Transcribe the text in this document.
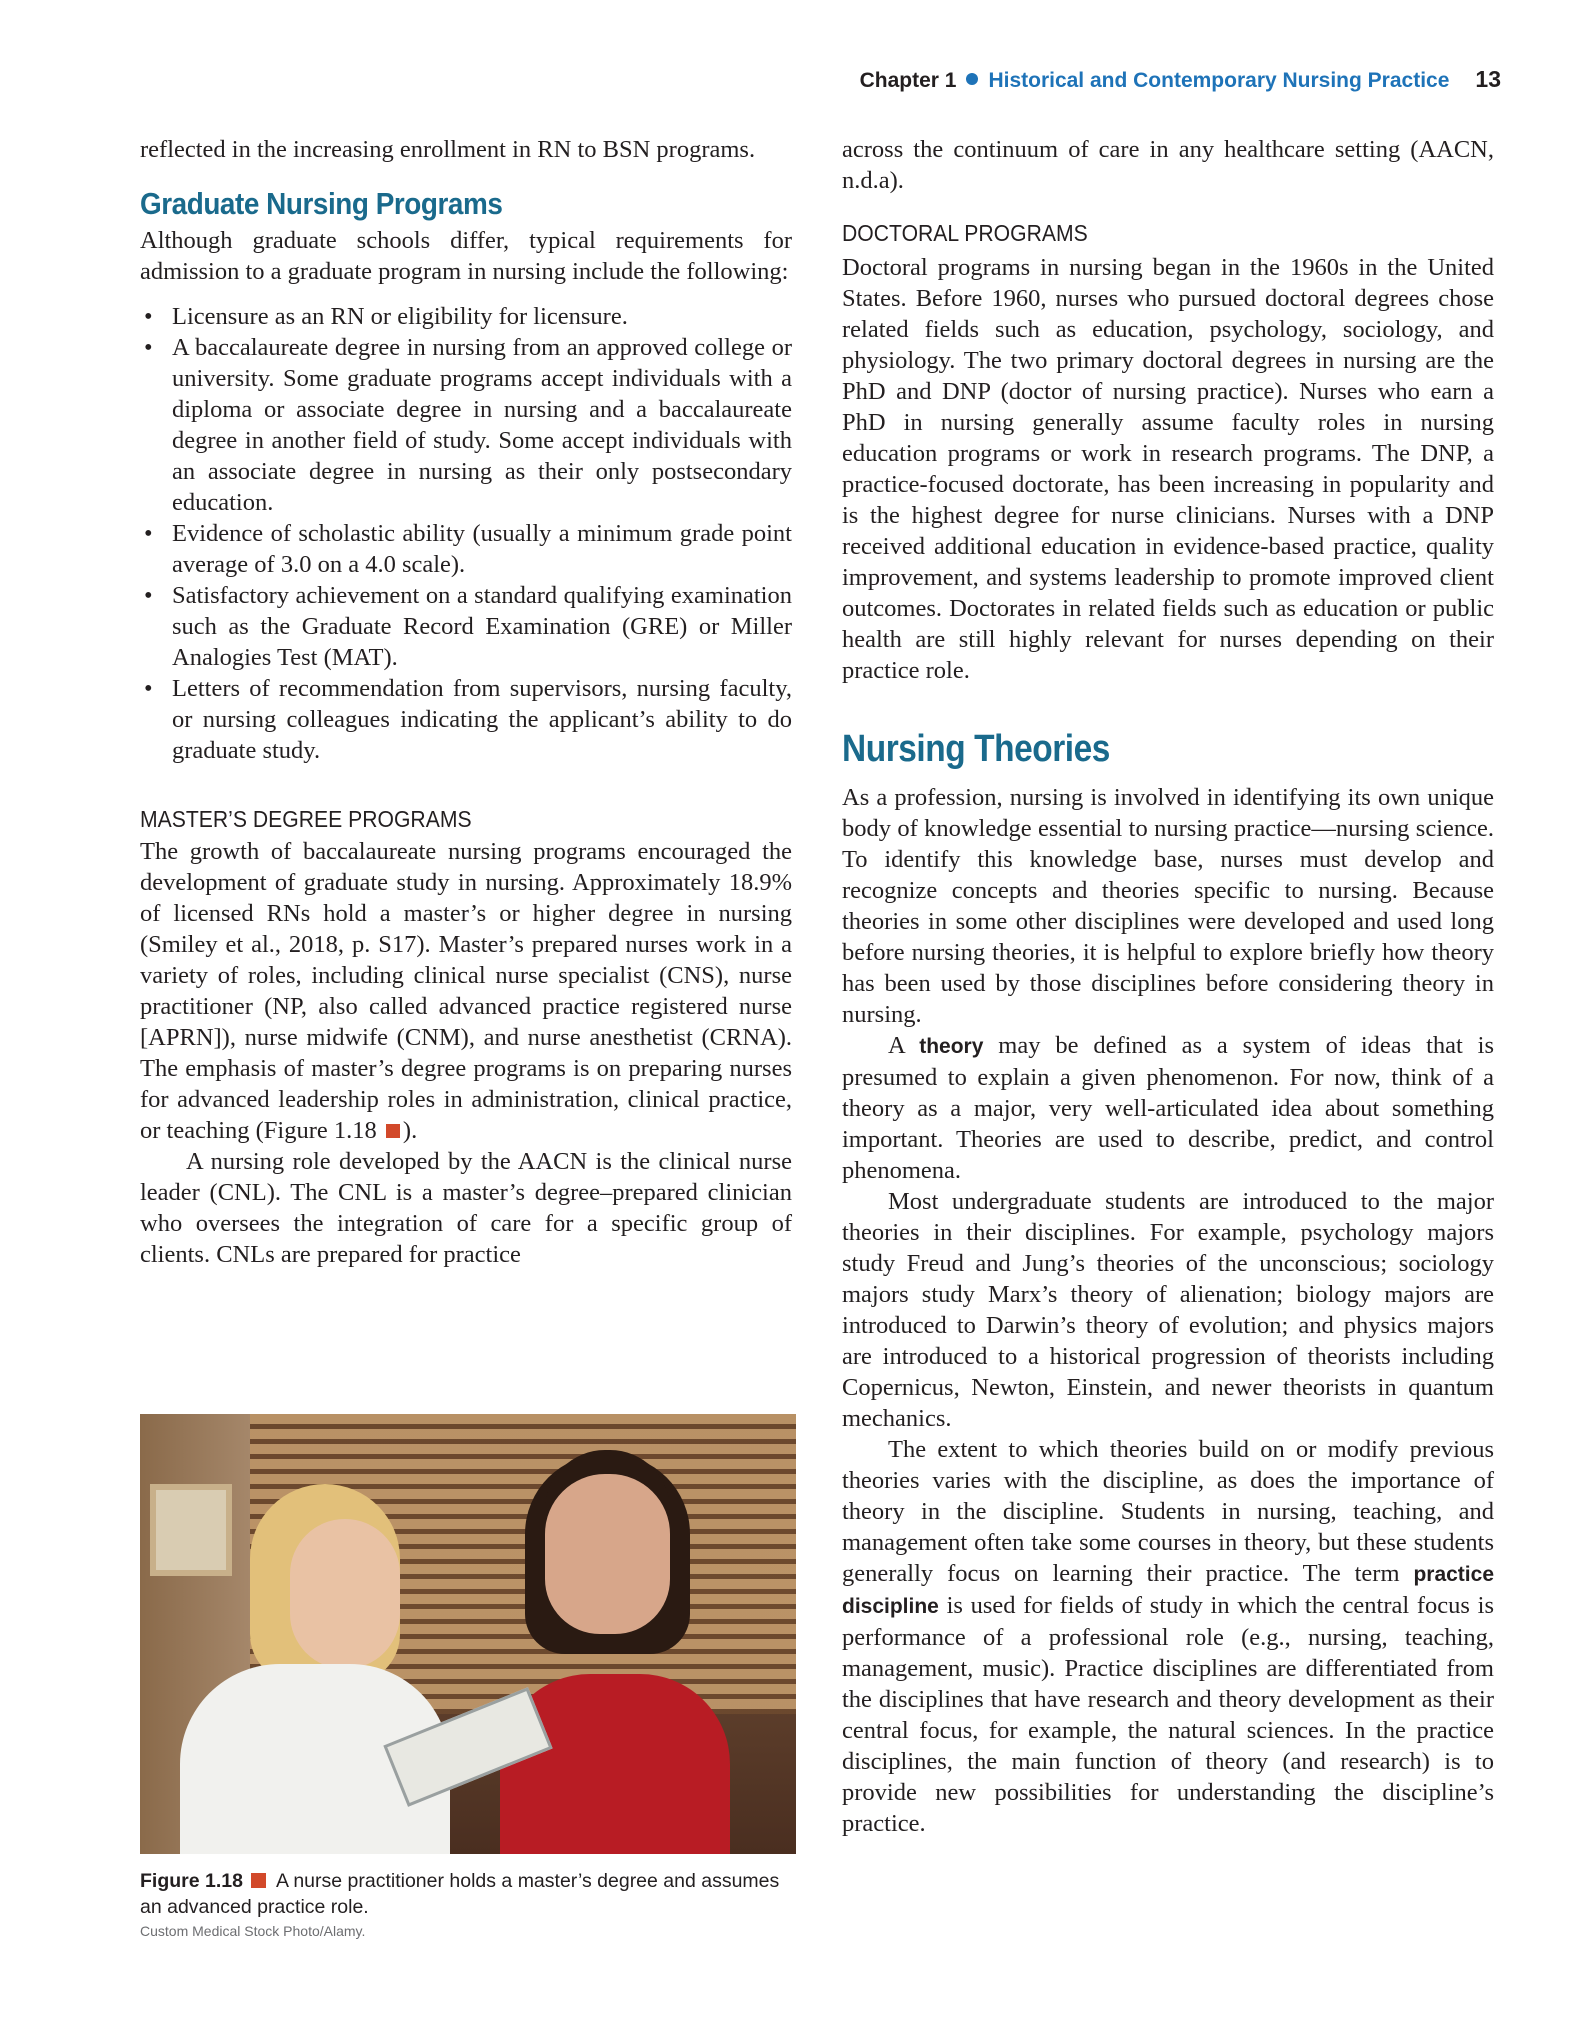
Chapter 1 Historical and Contemporary Nursing Practice 13

reflected in the increasing enrollment in RN to BSN programs.

Graduate Nursing Programs

Although graduate schools differ, typical requirements for admission to a graduate program in nursing include the following:

• Licensure as an RN or eligibility for licensure.
• A baccalaureate degree in nursing from an approved college or university. Some graduate programs accept individuals with a diploma or associate degree in nursing and a baccalaureate degree in another field of study. Some accept individuals with an associate degree in nursing as their only postsecondary education.
• Evidence of scholastic ability (usually a minimum grade point average of 3.0 on a 4.0 scale).
• Satisfactory achievement on a standard qualifying examination such as the Graduate Record Examination (GRE) or Miller Analogies Test (MAT).
• Letters of recommendation from supervisors, nursing faculty, or nursing colleagues indicating the applicant’s ability to do graduate study.
MASTER’S DEGREE PROGRAMS

The growth of baccalaureate nursing programs encouraged the development of graduate study in nursing. Approximately 18.9% of licensed RNs hold a master’s or higher degree in nursing (Smiley et al., 2018, p. S17). Master’s prepared nurses work in a variety of roles, including clinical nurse specialist (CNS), nurse practitioner (NP, also called advanced practice registered nurse [APRN]), nurse midwife (CNM), and nurse anesthetist (CRNA). The emphasis of master’s degree programs is on preparing nurses for advanced leadership roles in administration, clinical practice, or teaching (Figure 1.18 ).

A nursing role developed by the AACN is the clinical nurse leader (CNL). The CNL is a master’s degree–prepared clinician who oversees the integration of care for a specific group of clients. CNLs are prepared for practice

Figure 1.18 A nurse practitioner holds a master’s degree and assumes an advanced practice role.
Custom Medical Stock Photo/Alamy.

across the continuum of care in any healthcare setting (AACN, n.d.a).

DOCTORAL PROGRAMS

Doctoral programs in nursing began in the 1960s in the United States. Before 1960, nurses who pursued doctoral degrees chose related fields such as education, psychology, sociology, and physiology. The two primary doctoral degrees in nursing are the PhD and DNP (doctor of nursing practice). Nurses who earn a PhD in nursing generally assume faculty roles in nursing education programs or work in research programs. The DNP, a practice-focused doctorate, has been increasing in popularity and is the highest degree for nurse clinicians. Nurses with a DNP received additional education in evidence-based practice, quality improvement, and systems leadership to promote improved client outcomes. Doctorates in related fields such as education or public health are still highly relevant for nurses depending on their practice role.

Nursing Theories

As a profession, nursing is involved in identifying its own unique body of knowledge essential to nursing practice—nursing science. To identify this knowledge base, nurses must develop and recognize concepts and theories specific to nursing. Because theories in some other disciplines were developed and used long before nursing theories, it is helpful to explore briefly how theory has been used by those disciplines before considering theory in nursing.

A theory may be defined as a system of ideas that is presumed to explain a given phenomenon. For now, think of a theory as a major, very well-articulated idea about something important. Theories are used to describe, predict, and control phenomena.

Most undergraduate students are introduced to the major theories in their disciplines. For example, psychology majors study Freud and Jung’s theories of the unconscious; sociology majors study Marx’s theory of alienation; biology majors are introduced to Darwin’s theory of evolution; and physics majors are introduced to a historical progression of theorists including Copernicus, Newton, Einstein, and newer theorists in quantum mechanics.

The extent to which theories build on or modify previous theories varies with the discipline, as does the importance of theory in the discipline. Students in nursing, teaching, and management often take some courses in theory, but these students generally focus on learning their practice. The term practice discipline is used for fields of study in which the central focus is performance of a professional role (e.g., nursing, teaching, management, music). Practice disciplines are differentiated from the disciplines that have research and theory development as their central focus, for example, the natural sciences. In the practice disciplines, the main function of theory (and research) is to provide new possibilities for understanding the discipline’s practice.
